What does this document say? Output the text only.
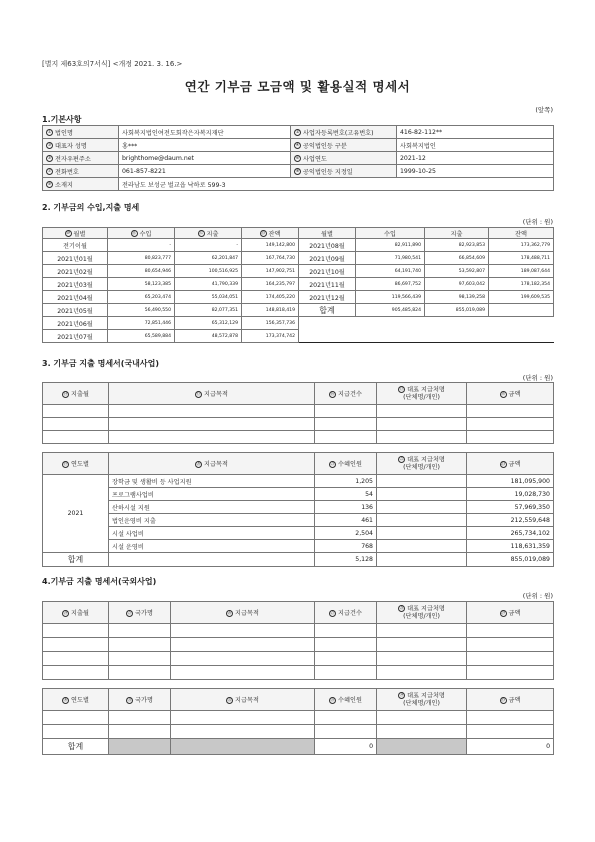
[별지 제63호의7서식] <개정 2021. 3. 16.>
연간 기부금 모금액 및 활용실적 명세서
(앞쪽)
1.기본사항
① 법인명	사회복지법인여전도회작은자복지재단	② 사업자등록번호(고유번호)	416-82-112**
③ 대표자 성명	홍***	④ 공익법인등 구분	사회복지법인
⑤ 전자우편주소	brighthome@daum.net	⑥ 사업연도	2021-12
⑦ 전화번호	061-857-8221	⑧ 공익법인등 지정일	1999-10-25
⑨ 소재지	전라남도 보성군 벌교읍 낙하로 599-3		
2. 기부금의 수입,지출 명세
(단위 : 원)
⑩ 월별	⑪ 수입	⑫ 지출	⑬ 잔액	월별	수입	지출	잔액
전기이월	-	-	149,142,800	2021년08월	82,911,890	82,923,853	173,362,779
2021년01월	80,823,777	62,201,847	167,764,730	2021년09월	71,980,541	66,854,609	178,488,711
2021년02월	80,654,946	100,516,925	147,902,751	2021년10월	64,191,740	53,592,807	189,087,644
2021년03월	58,123,385	41,790,339	164,235,797	2021년11월	86,697,752	97,603,042	178,182,354
2021년04월	65,203,474	55,034,051	174,405,220	2021년12월	119,566,439	98,139,258	199,609,535
2021년05월	56,490,550	82,077,351	148,818,419	합계	905,485,824	855,019,089	
2021년06월	72,851,446	65,312,129	156,357,736				
2021년07월	65,589,884	48,572,878	173,374,742				
3. 기부금 지출 명세서(국내사업)
(단위 : 원)
⑭ 지출월	⑮ 지급목적	⑯ 지급건수	⑰ 대표 지급처명
(단체명/개인)	⑱ 금액

⑲ 연도별	⑳ 지급목적	㉑ 수혜인원	㉒ 대표 지급처명
(단체명/개인)	㉓ 금액
2021	장학금 및 생활비 등 사업지원	1,205		181,095,900
	프로그램사업비	54		19,028,730
	산하시설 지원	136		57,969,350
	법인운영비 지출	461		212,559,648
	시설 사업비	2,504		265,734,102
	시설 운영비	768		118,631,359
합계		5,128		855,019,089
4.기부금 지출 명세서(국외사업)
(단위 : 원)
㉔ 지출월	㉕ 국가명	㉖ 지급목적	㉗ 지급건수	㉘ 대표 지급처명
(단체명/개인)	㉙ 금액

㉚ 연도별	㉛ 국가명	㉜ 지급목적	㉝ 수혜인원	㉞ 대표 지급처명
(단체명/개인)	㉟ 금액

합계			0		0
